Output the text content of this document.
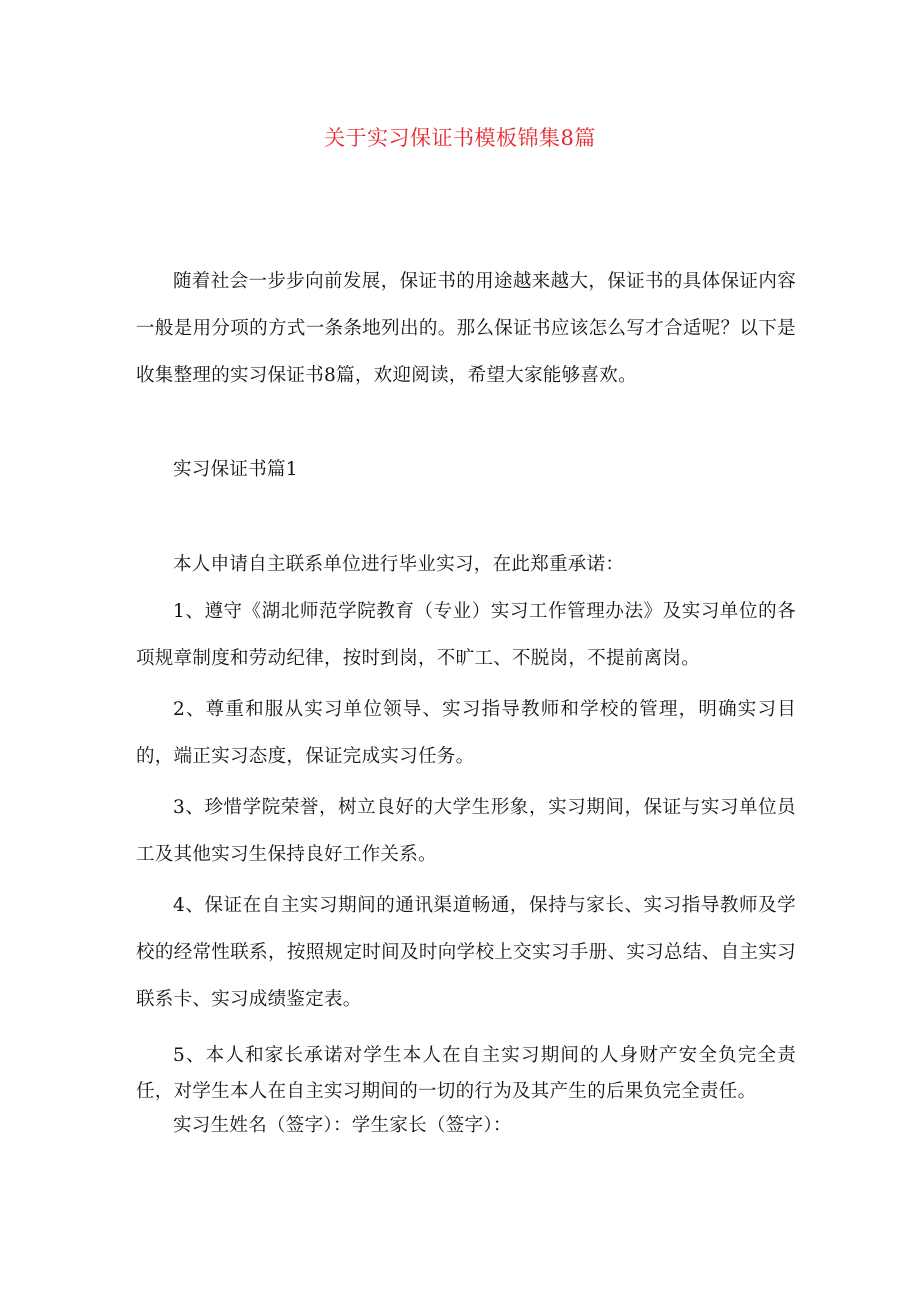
关于实习保证书模板锦集8篇

随着社会一步步向前发展，保证书的用途越来越大，保证书的具体保证内容一般是用分项的方式一条条地列出的。那么保证书应该怎么写才合适呢？以下是收集整理的实习保证书8篇，欢迎阅读，希望大家能够喜欢。

实习保证书篇1

本人申请自主联系单位进行毕业实习，在此郑重承诺：

1、遵守《湖北师范学院教育（专业）实习工作管理办法》及实习单位的各项规章制度和劳动纪律，按时到岗，不旷工、不脱岗，不提前离岗。

2、尊重和服从实习单位领导、实习指导教师和学校的管理，明确实习目的，端正实习态度，保证完成实习任务。

3、珍惜学院荣誉，树立良好的大学生形象，实习期间，保证与实习单位员工及其他实习生保持良好工作关系。

4、保证在自主实习期间的通讯渠道畅通，保持与家长、实习指导教师及学校的经常性联系，按照规定时间及时向学校上交实习手册、实习总结、自主实习联系卡、实习成绩鉴定表。

5、本人和家长承诺对学生本人在自主实习期间的人身财产安全负完全责任，对学生本人在自主实习期间的一切的行为及其产生的后果负完全责任。

实习生姓名（签字）：学生家长（签字）：
